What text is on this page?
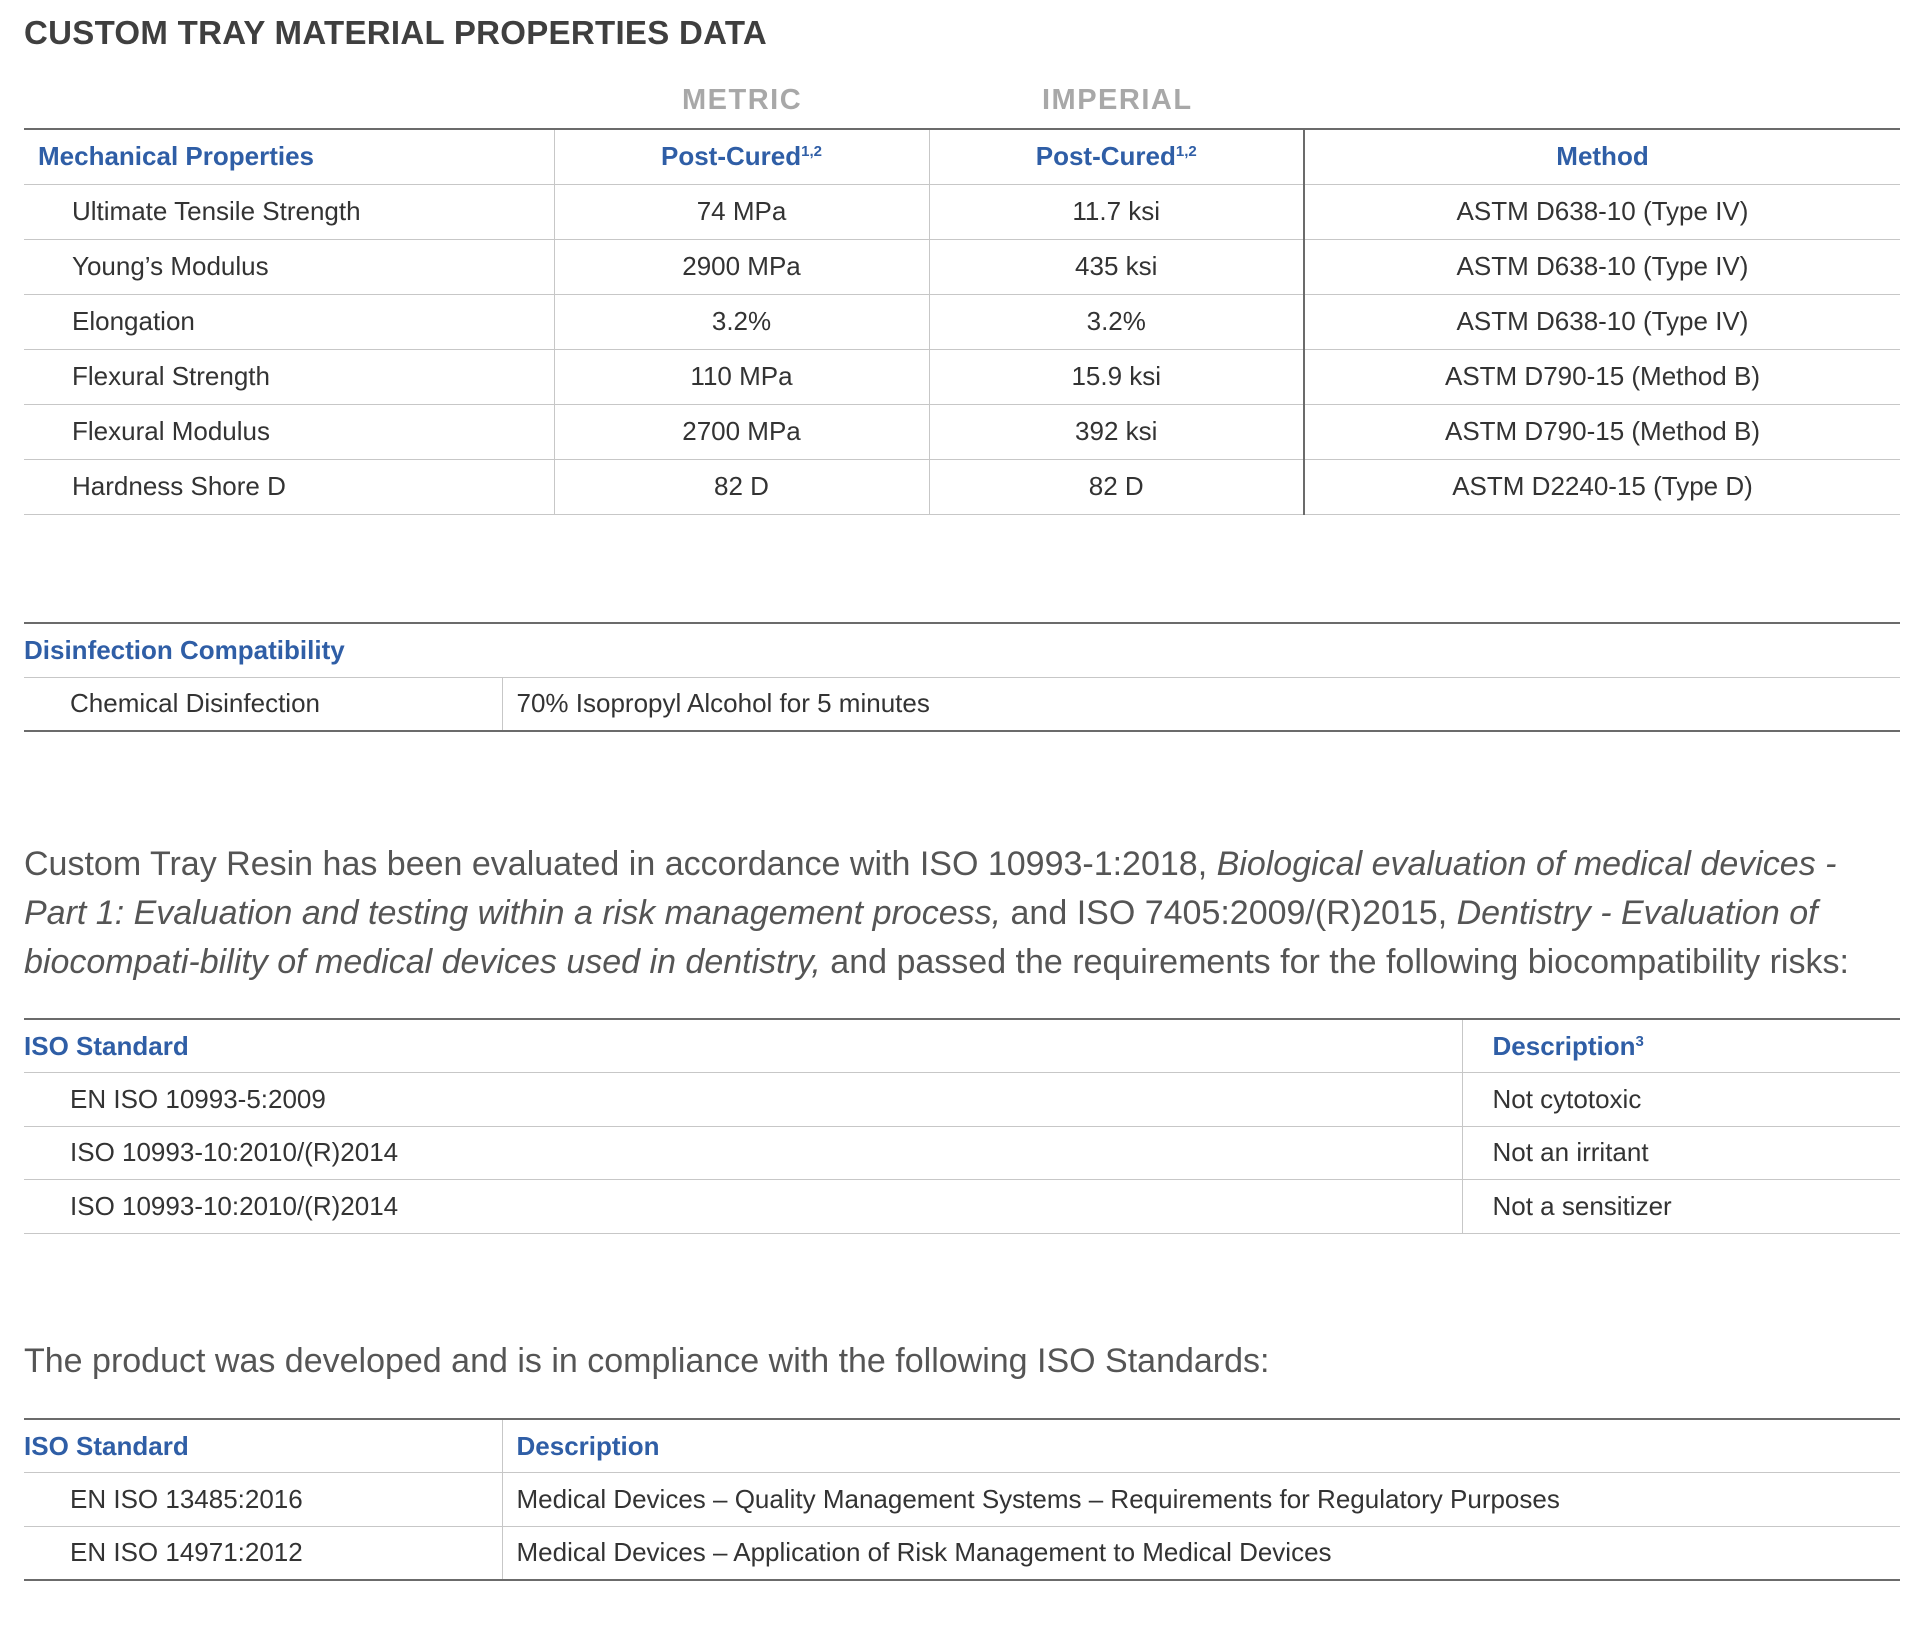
CUSTOM TRAY MATERIAL PROPERTIES DATA
METRIC	IMPERIAL
Mechanical Properties	Post-Cured$^{1,2}$	Post-Cured$^{1,2}$	Method
Ultimate Tensile Strength	74 MPa	11.7 ksi	ASTM D638-10 (Type IV)
Young’s Modulus	2900 MPa	435 ksi	ASTM D638-10 (Type IV)
Elongation	3.2%	3.2%	ASTM D638-10 (Type IV)
Flexural Strength	110 MPa	15.9 ksi	ASTM D790-15 (Method B)
Flexural Modulus	2700 MPa	392 ksi	ASTM D790-15 (Method B)
Hardness Shore D	82 D	82 D	ASTM D2240-15 (Type D)
Disinfection Compatibility
Chemical Disinfection	70% Isopropyl Alcohol for 5 minutes

Custom Tray Resin has been evaluated in accordance with ISO 10993-1:2018, Biological evaluation of medical devices - Part 1: Evaluation and testing within a risk management process, and ISO 7405:2009/(R)2015, Dentistry - Evaluation of biocompati-bility of medical devices used in dentistry, and passed the requirements for the following biocompatibility risks:

ISO Standard	Description$^3$
EN ISO 10993-5:2009	Not cytotoxic
ISO 10993-10:2010/(R)2014	Not an irritant
ISO 10993-10:2010/(R)2014	Not a sensitizer

The product was developed and is in compliance with the following ISO Standards:

ISO Standard	Description
EN ISO 13485:2016	Medical Devices – Quality Management Systems – Requirements for Regulatory Purposes
EN ISO 14971:2012	Medical Devices – Application of Risk Management to Medical Devices
